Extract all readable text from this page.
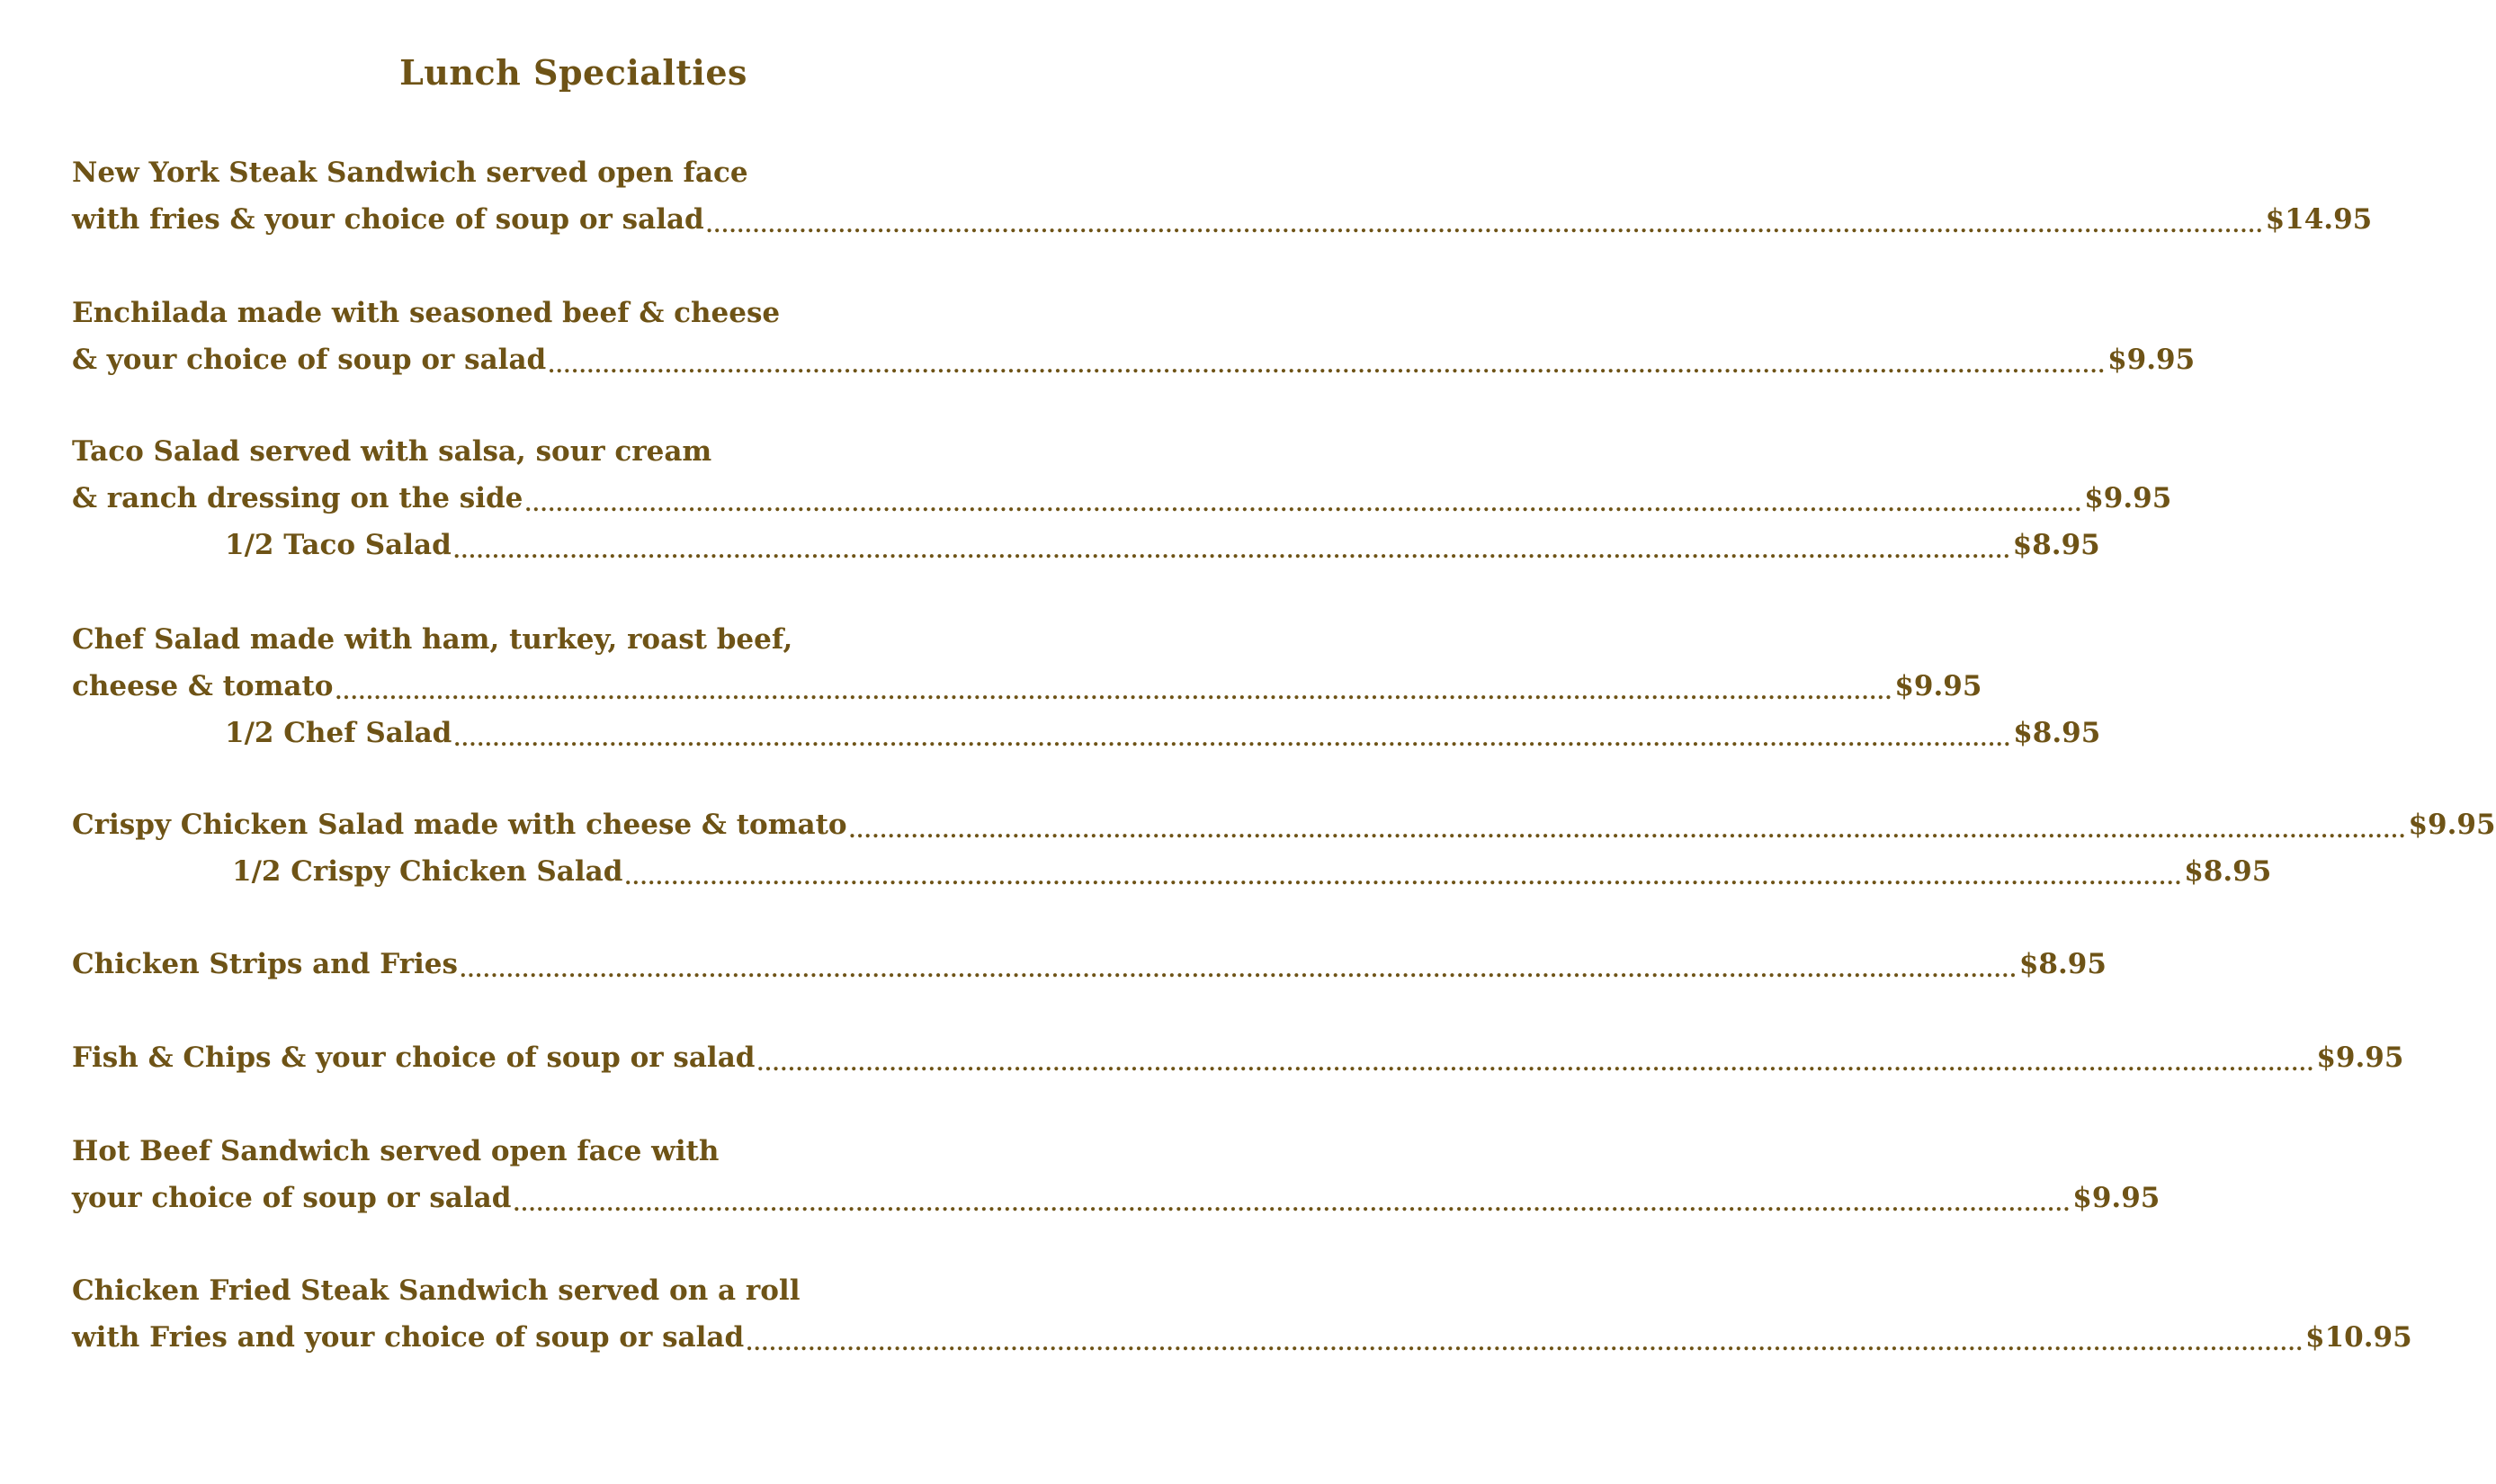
Lunch Specialties
New York Steak Sandwich served open face
with fries & your choice of soup or salad ........................................................................................................................................................................................................ $14.95
Enchilada made with seasoned beef & cheese
& your choice of soup or salad ........................................................................................................................................................................................................ $9.95
Taco Salad served with salsa, sour cream
& ranch dressing on the side ........................................................................................................................................................................................................ $9.95
1/2 Taco Salad ........................................................................................................................................................................................................ $8.95
Chef Salad made with ham, turkey, roast beef,
cheese & tomato ........................................................................................................................................................................................................ $9.95
1/2 Chef Salad ........................................................................................................................................................................................................ $8.95
Crispy Chicken Salad made with cheese & tomato ........................................................................................................................................................................................................ $9.95
1/2 Crispy Chicken Salad ........................................................................................................................................................................................................ $8.95
Chicken Strips and Fries ........................................................................................................................................................................................................ $8.95
Fish & Chips & your choice of soup or salad ........................................................................................................................................................................................................ $9.95
Hot Beef Sandwich served open face with
your choice of soup or salad ........................................................................................................................................................................................................ $9.95
Chicken Fried Steak Sandwich served on a roll
with Fries and your choice of soup or salad ........................................................................................................................................................................................................ $10.95
